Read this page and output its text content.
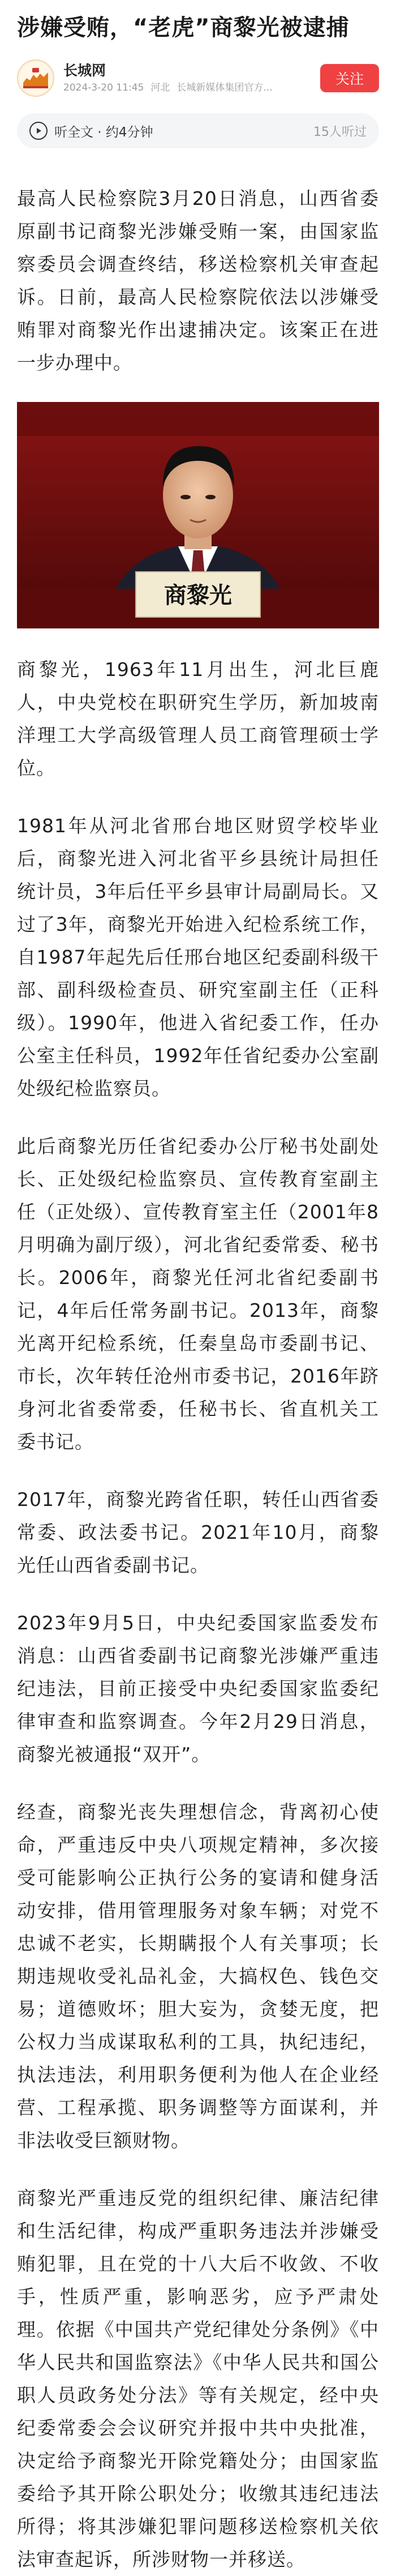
涉嫌受贿，“老虎”商黎光被逮捕
长城网
2024-3-20 11:45 河北 长城新媒体集团官方...
关注
听全文 · 约4分钟	15人听过

最高人民检察院3月20日消息，山西省委原副书记商黎光涉嫌受贿一案，由国家监察委员会调查终结，移送检察机关审查起诉。日前，最高人民检察院依法以涉嫌受贿罪对商黎光作出逮捕决定。该案正在进一步办理中。

商黎光

商黎光，1963年11月出生，河北巨鹿人，中央党校在职研究生学历，新加坡南洋理工大学高级管理人员工商管理硕士学位。

1981年从河北省邢台地区财贸学校毕业后，商黎光进入河北省平乡县统计局担任统计员，3年后任平乡县审计局副局长。又过了3年，商黎光开始进入纪检系统工作，自1987年起先后任邢台地区纪委副科级干部、副科级检查员、研究室副主任（正科级）。1990年，他进入省纪委工作，任办公室主任科员，1992年任省纪委办公室副处级纪检监察员。

此后商黎光历任省纪委办公厅秘书处副处长、正处级纪检监察员、宣传教育室副主任（正处级）、宣传教育室主任（2001年8月明确为副厅级），河北省纪委常委、秘书长。2006年，商黎光任河北省纪委副书记，4年后任常务副书记。2013年，商黎光离开纪检系统，任秦皇岛市委副书记、市长，次年转任沧州市委书记，2016年跻身河北省委常委，任秘书长、省直机关工委书记。

2017年，商黎光跨省任职，转任山西省委常委、政法委书记。2021年10月，商黎光任山西省委副书记。

2023年9月5日，中央纪委国家监委发布消息：山西省委副书记商黎光涉嫌严重违纪违法，目前正接受中央纪委国家监委纪律审查和监察调查。今年2月29日消息，商黎光被通报“双开”。

经查，商黎光丧失理想信念，背离初心使命，严重违反中央八项规定精神，多次接受可能影响公正执行公务的宴请和健身活动安排，借用管理服务对象车辆；对党不忠诚不老实，长期瞒报个人有关事项；长期违规收受礼品礼金，大搞权色、钱色交易；道德败坏；胆大妄为，贪婪无度，把公权力当成谋取私利的工具，执纪违纪，执法违法，利用职务便利为他人在企业经营、工程承揽、职务调整等方面谋利，并非法收受巨额财物。

商黎光严重违反党的组织纪律、廉洁纪律和生活纪律，构成严重职务违法并涉嫌受贿犯罪，且在党的十八大后不收敛、不收手，性质严重，影响恶劣，应予严肃处理。依据《中国共产党纪律处分条例》《中华人民共和国监察法》《中华人民共和国公职人员政务处分法》等有关规定，经中央纪委常委会会议研究并报中共中央批准，决定给予商黎光开除党籍处分；由国家监委给予其开除公职处分；收缴其违纪违法所得；将其涉嫌犯罪问题移送检察机关依法审查起诉，所涉财物一并移送。
